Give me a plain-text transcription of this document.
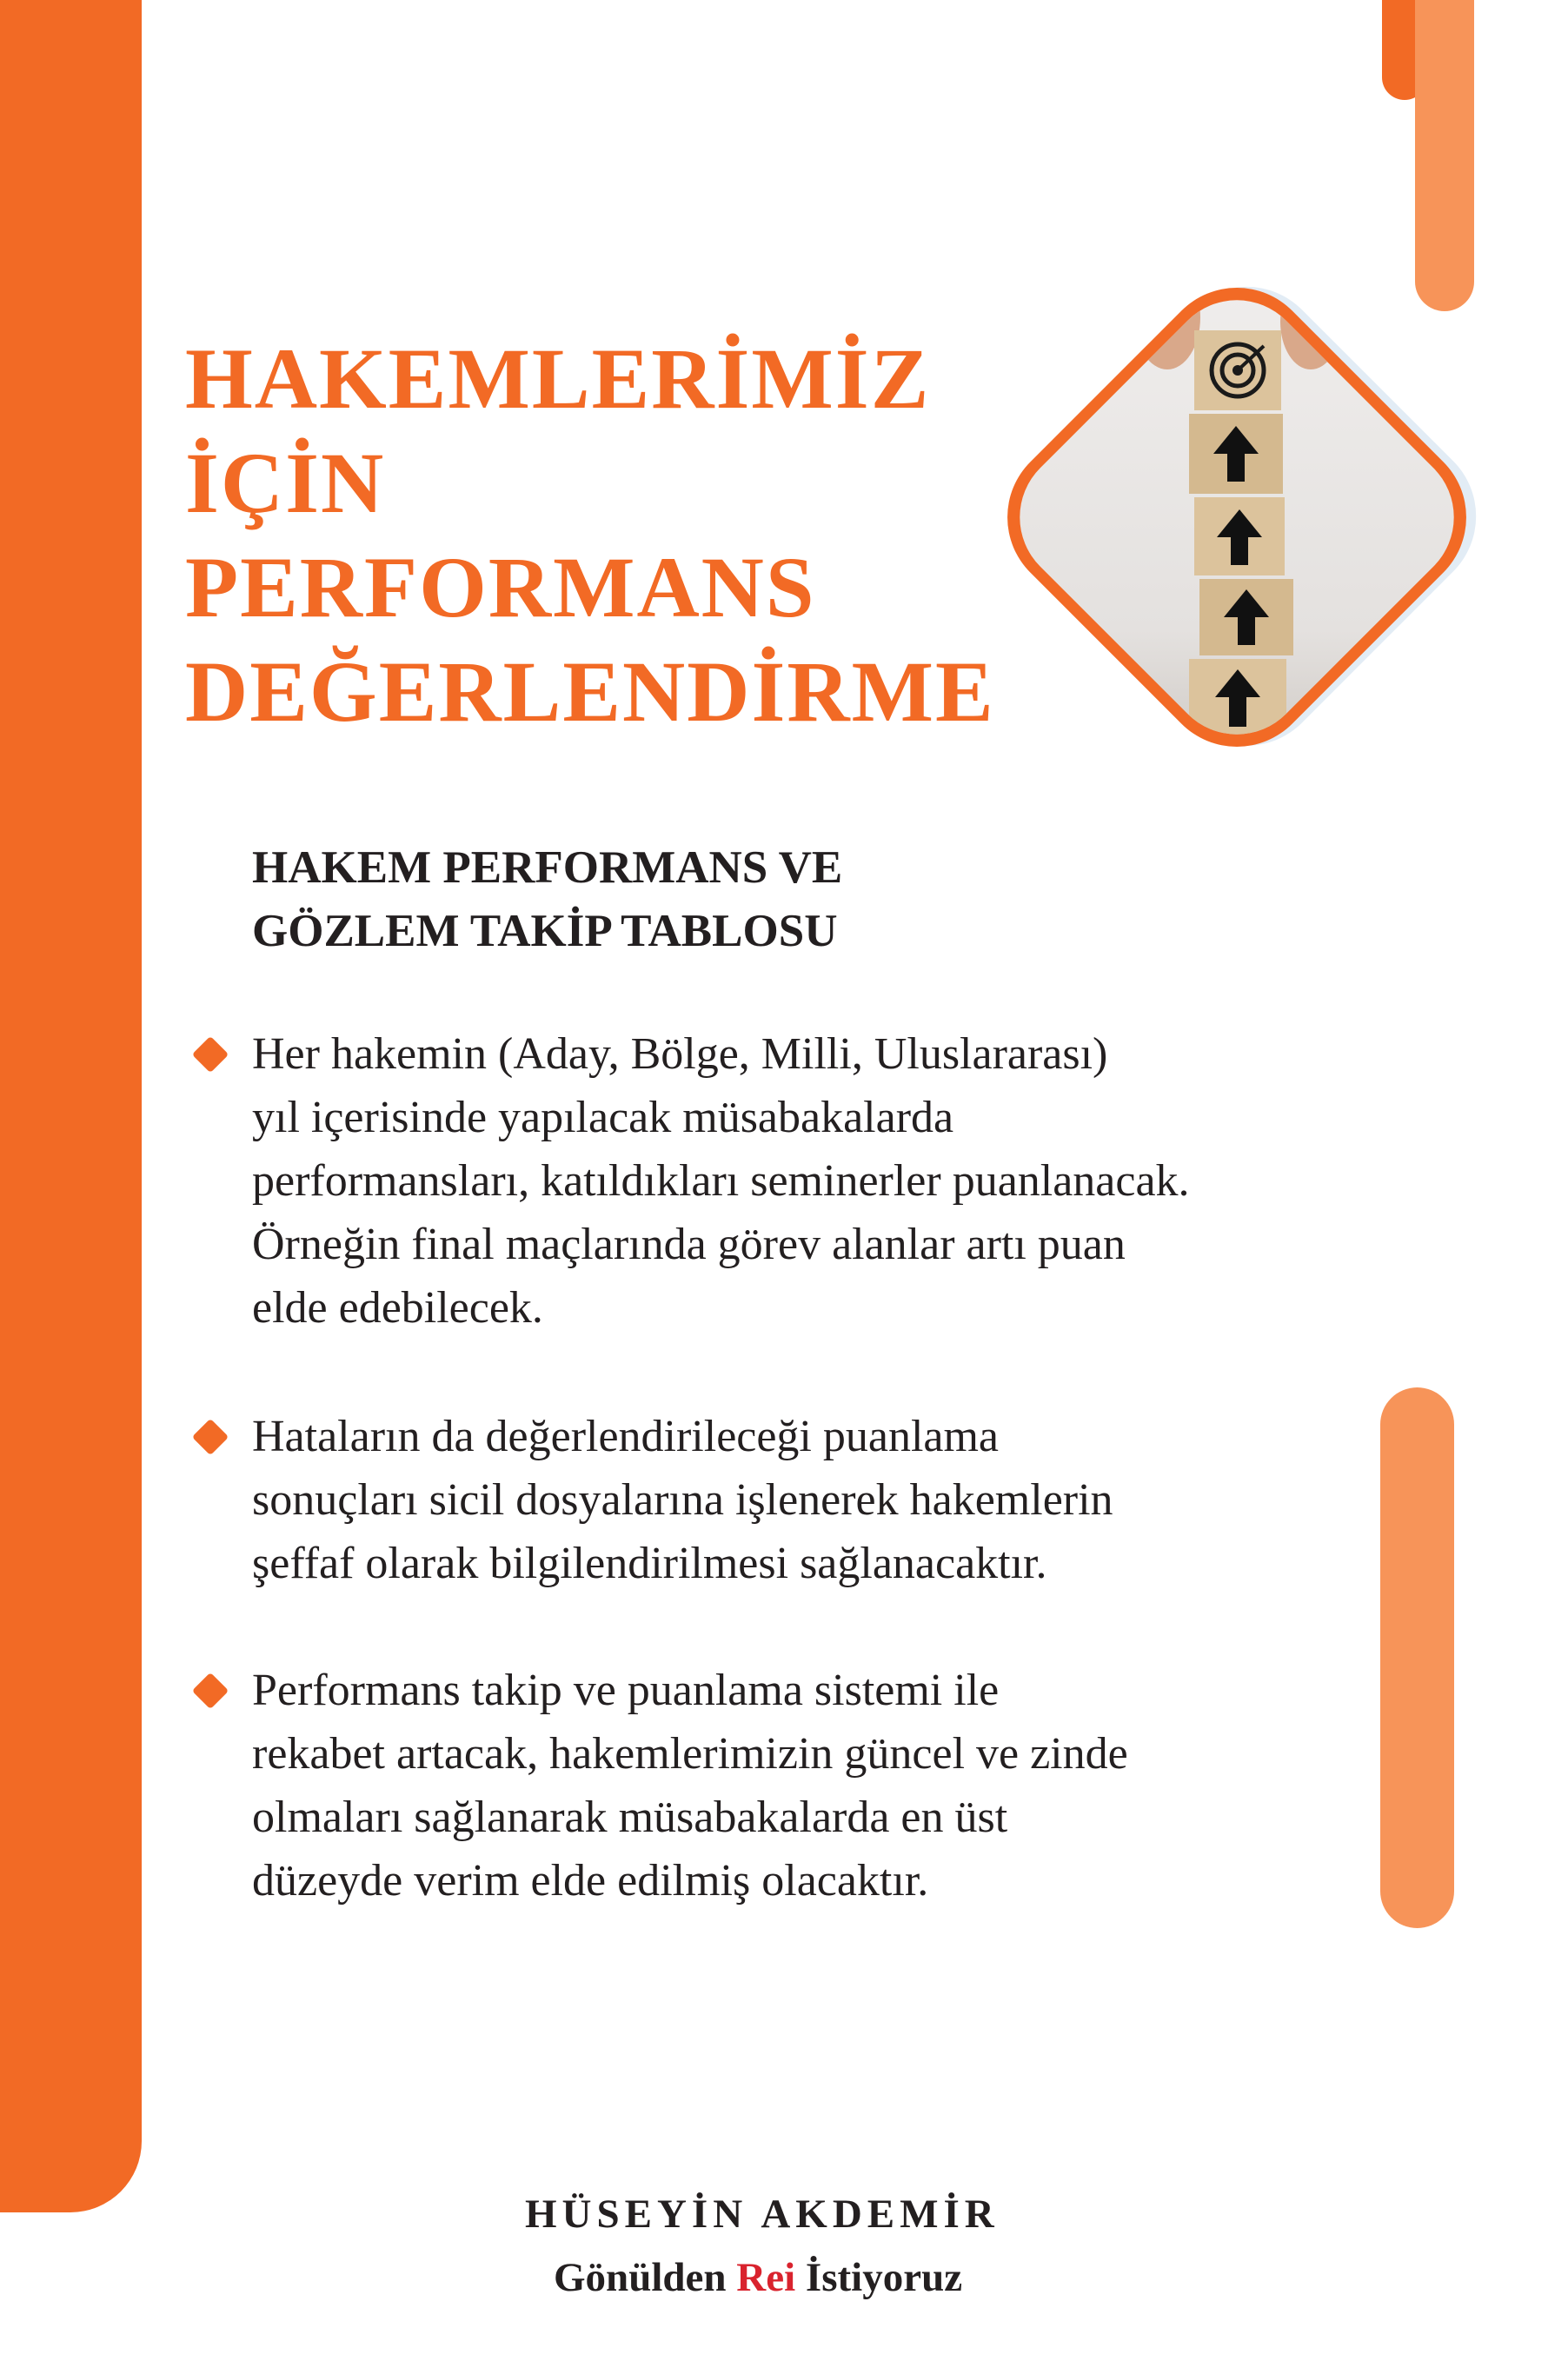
HAKEMLERİMİZ
İÇİN
PERFORMANS
DEĞERLENDİRME
HAKEM PERFORMANS VE
GÖZLEM TAKİP TABLOSU
Her hakemin (Aday, Bölge, Milli, Uluslararası)
yıl içerisinde yapılacak müsabakalarda
performansları, katıldıkları seminerler puanlanacak.
Örneğin final maçlarında görev alanlar artı puan
elde edebilecek.
Hataların da değerlendirileceği puanlama
sonuçları sicil dosyalarına işlenerek hakemlerin
şeffaf olarak bilgilendirilmesi sağlanacaktır.
Performans takip ve puanlama sistemi ile
rekabet artacak, hakemlerimizin güncel ve zinde
olmaları sağlanarak müsabakalarda en üst
düzeyde verim elde edilmiş olacaktır.
HÜSEYİN AKDEMİR
Gönülden Rei İstiyoruz
